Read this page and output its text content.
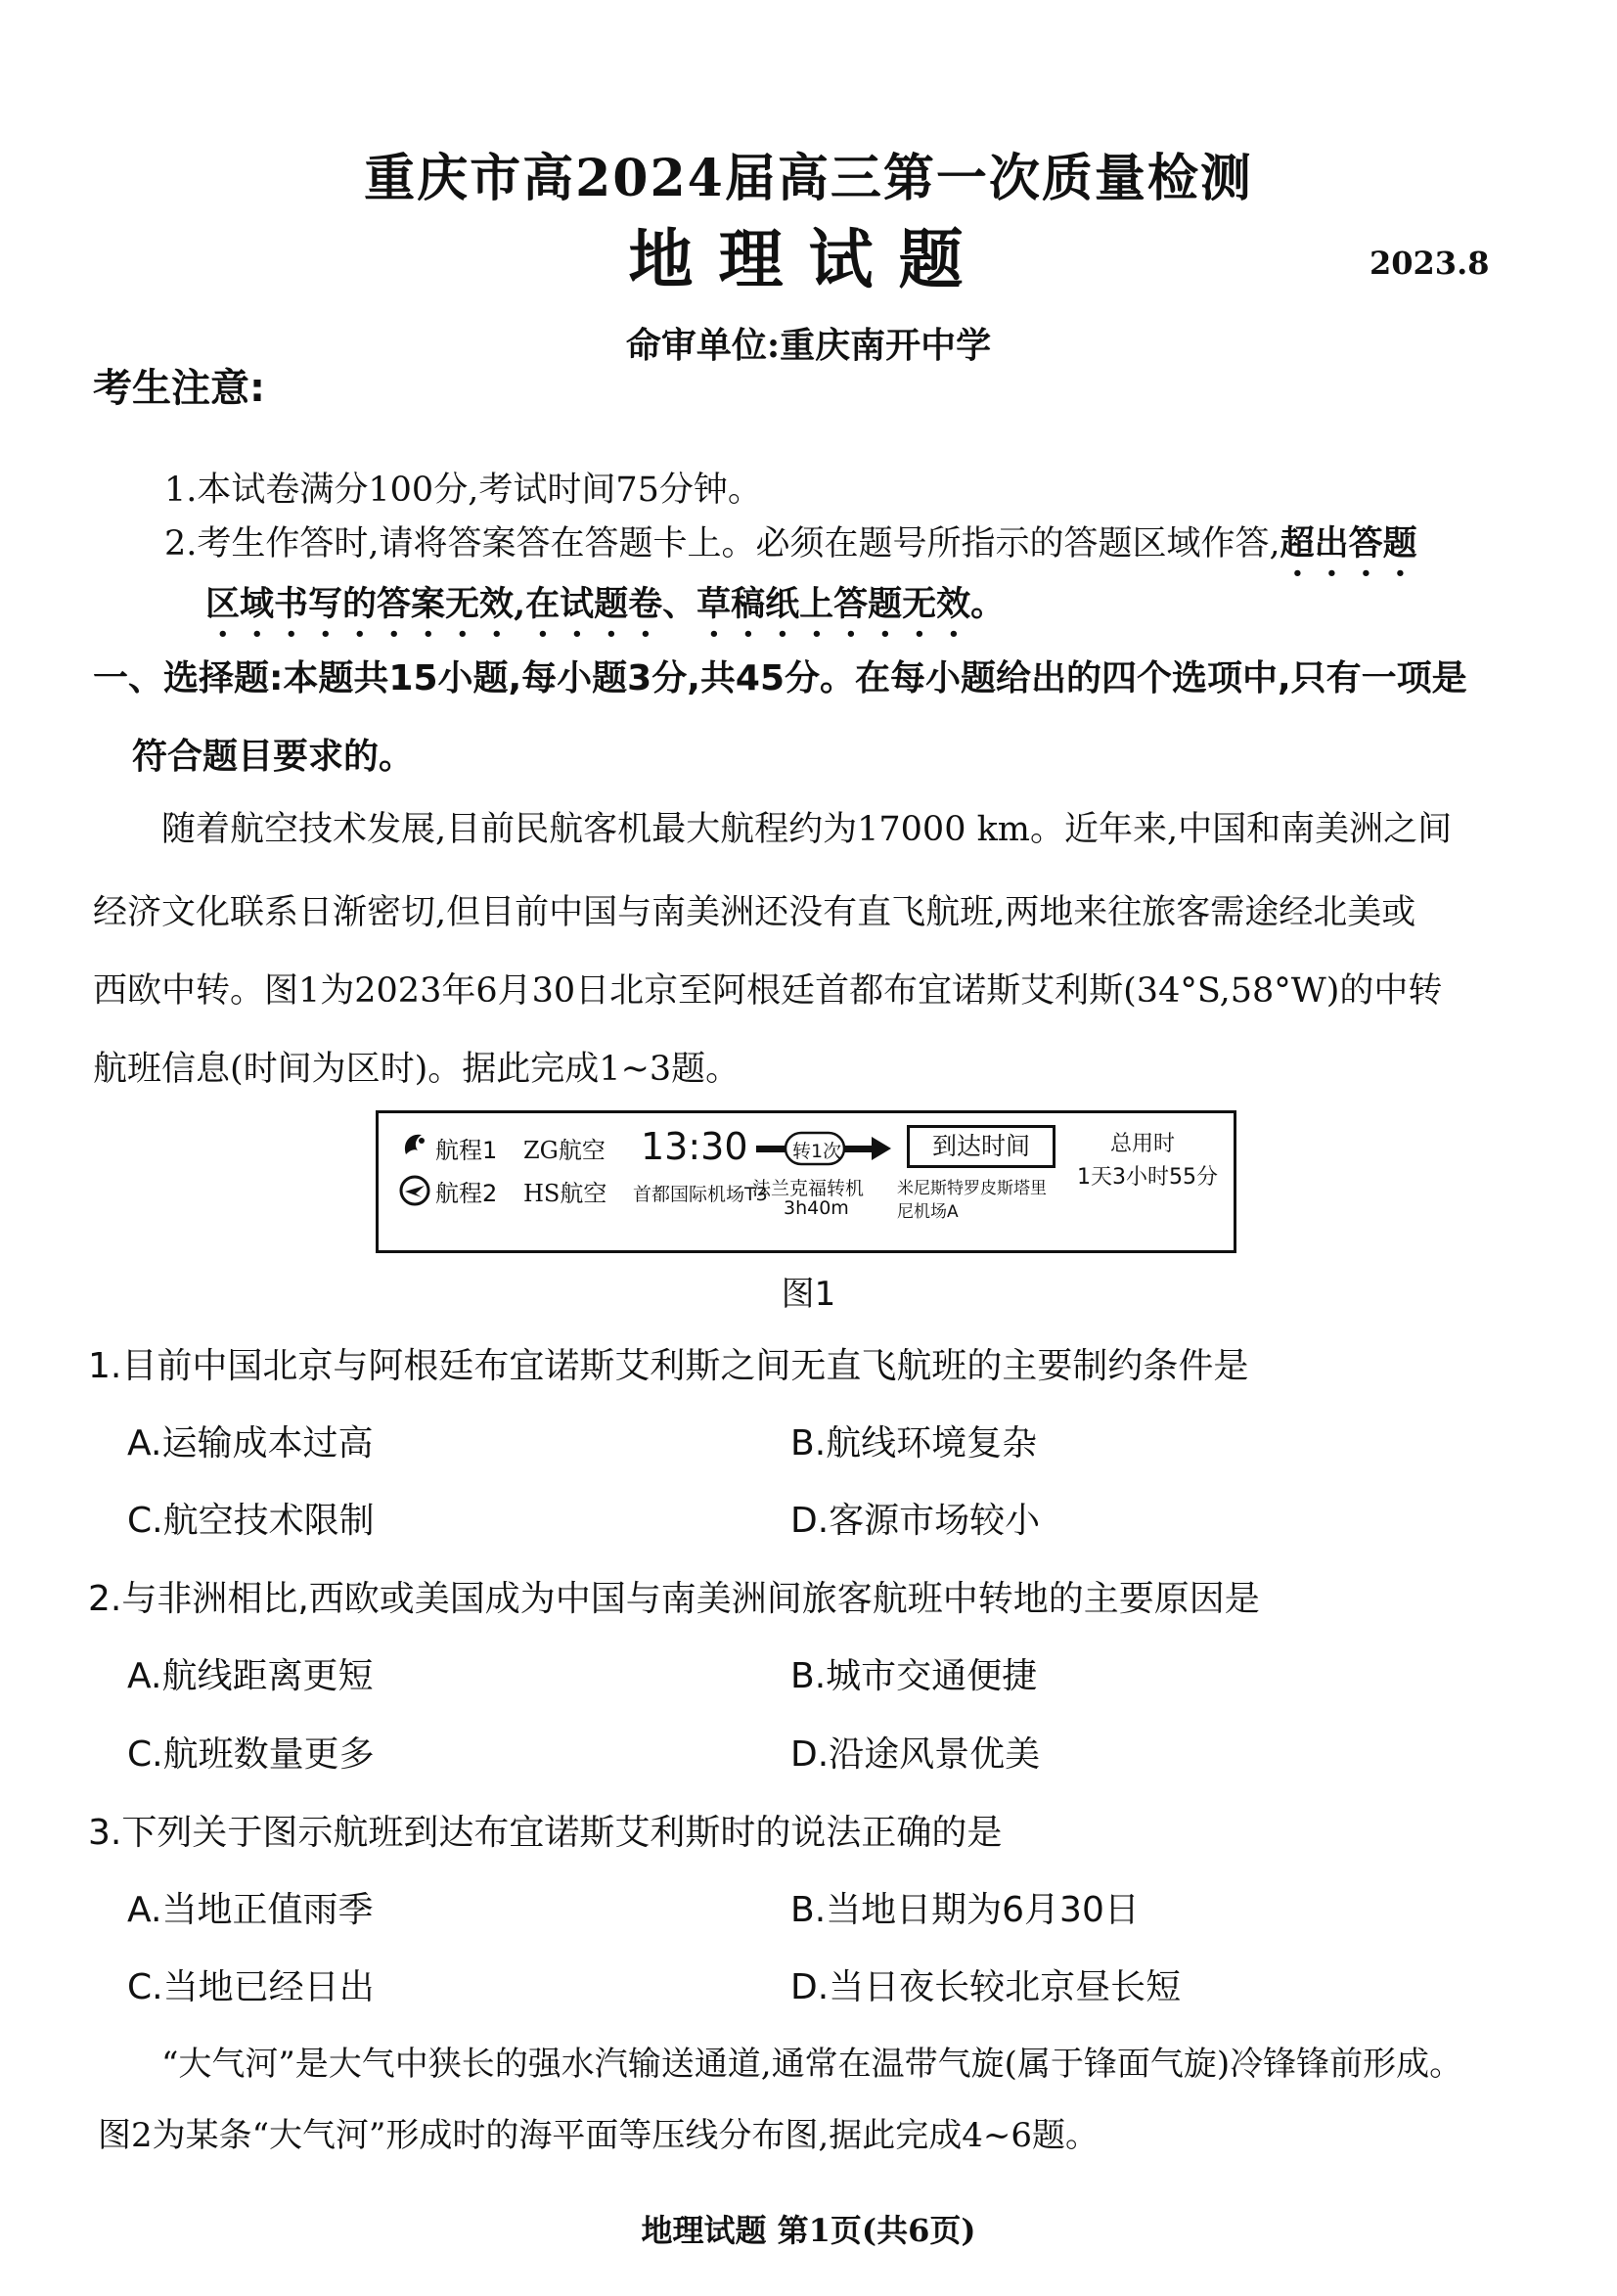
重庆市高2024届高三第一次质量检测
地理试题	2023.8
命审单位:重庆南开中学
考生注意:
1.本试卷满分100分,考试时间75分钟。
2.考生作答时,请将答案答在答题卡上。必须在题号所指示的答题区域作答,超出答题
区域书写的答案无效,在试题卷、草稿纸上答题无效。
一、选择题:本题共15小题,每小题3分,共45分。在每小题给出的四个选项中,只有一项是
符合题目要求的。
随着航空技术发展,目前民航客机最大航程约为17000 km。近年来,中国和南美洲之间
经济文化联系日渐密切,但目前中国与南美洲还没有直飞航班,两地来往旅客需途经北美或
西欧中转。图1为2023年6月30日北京至阿根廷首都布宜诺斯艾利斯(34°S,58°W)的中转
航班信息(时间为区时)。据此完成1~3题。
航程1
航程2
ZG航空
HS航空
13:30
首都国际机场T3
转1次
法兰克福转机
3h40m
到达时间
米尼斯特罗皮斯塔里
尼机场A
总用时
1天3小时55分
图1
1.目前中国北京与阿根廷布宜诺斯艾利斯之间无直飞航班的主要制约条件是
A.运输成本过高	B.航线环境复杂
C.航空技术限制	D.客源市场较小
2.与非洲相比,西欧或美国成为中国与南美洲间旅客航班中转地的主要原因是
A.航线距离更短	B.城市交通便捷
C.航班数量更多	D.沿途风景优美
3.下列关于图示航班到达布宜诺斯艾利斯时的说法正确的是
A.当地正值雨季	B.当地日期为6月30日
C.当地已经日出	D.当日夜长较北京昼长短
“大气河”是大气中狭长的强水汽输送通道,通常在温带气旋(属于锋面气旋)冷锋锋前形成。
图2为某条“大气河”形成时的海平面等压线分布图,据此完成4~6题。
地理试题 第1页(共6页)
